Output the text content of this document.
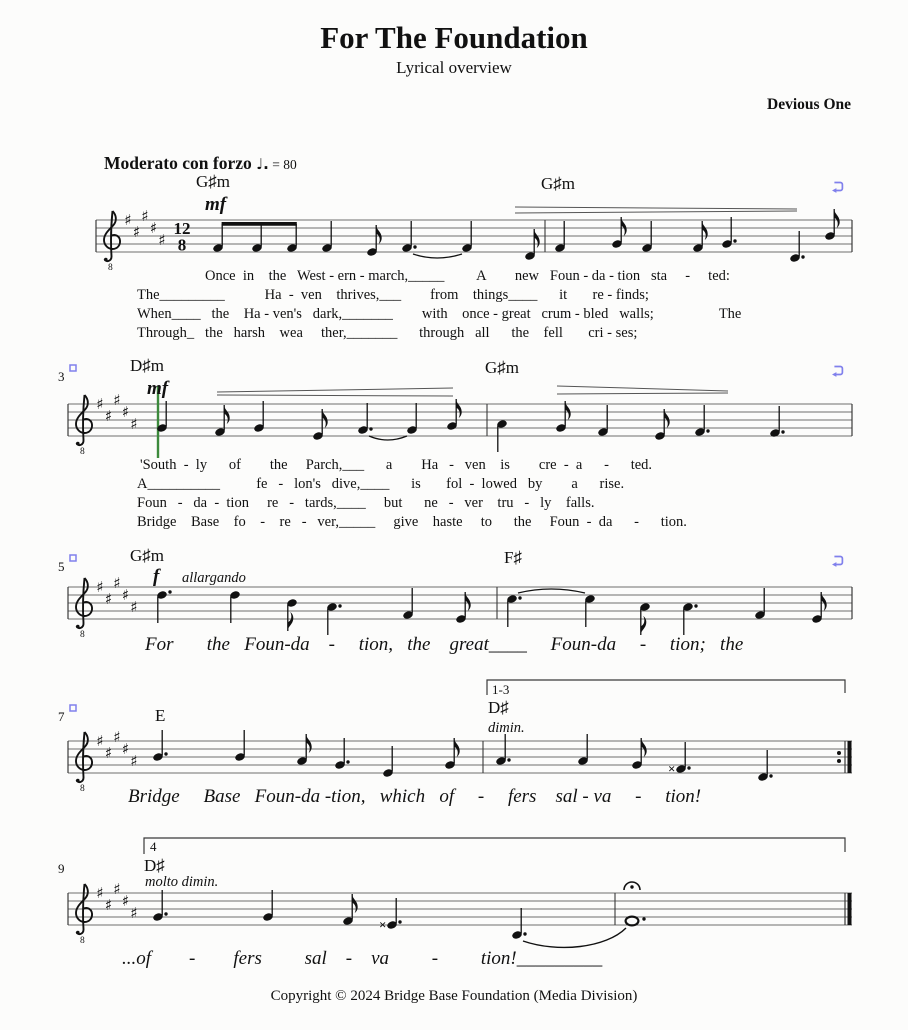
8
♯
♯
♯
♯
♯
12
8
8
♯
♯
♯
♯
♯
8
♯
♯
♯
♯
♯
8
♯
♯
♯
♯
♯
1-3
×
8
♯
♯
♯
♯
♯
4
×
For The Foundation
Lyrical overview
Devious One
Moderato con forzo ♩. = 80
G♯m	G♯m
mf
Once  in    the   West - ern - march,_____         A        new   Foun - da - tion   sta     -     ted:
The_________           Ha  -  ven    thrives,___        from    things____      it       re - finds;
When____   the    Ha - ven's   dark,_______        with    once - great   crum - bled   walls;                  The
Through_   the   harsh    wea     ther,_______      through   all      the    fell       cri - ses;
3
D♯m	G♯m
mf
'South  -  ly      of        the     Parch,___      a        Ha   -   ven    is        cre  -  a      -      ted.
A__________          fe   -   lon's   dive,____      is       fol  -  lowed   by        a      rise.
Foun   -   da  -  tion     re   -   tards,____     but      ne   -   ver    tru   -   ly    falls.
Bridge    Base    fo    -    re   -   ver,_____     give    haste     to      the     Foun  -  da      -      tion.
5
G♯m	F♯
f allargando
For       the   Foun-da    -     tion,   the    great____     Foun-da     -     tion;   the
7	E	D♯
dimin.
Bridge     Base   Foun-da -tion,   which   of     -     fers    sal - va     -     tion!
9	D♯
molto dimin.
...of        -        fers         sal    -    va         -         tion!_________
Copyright © 2024 Bridge Base Foundation (Media Division)
